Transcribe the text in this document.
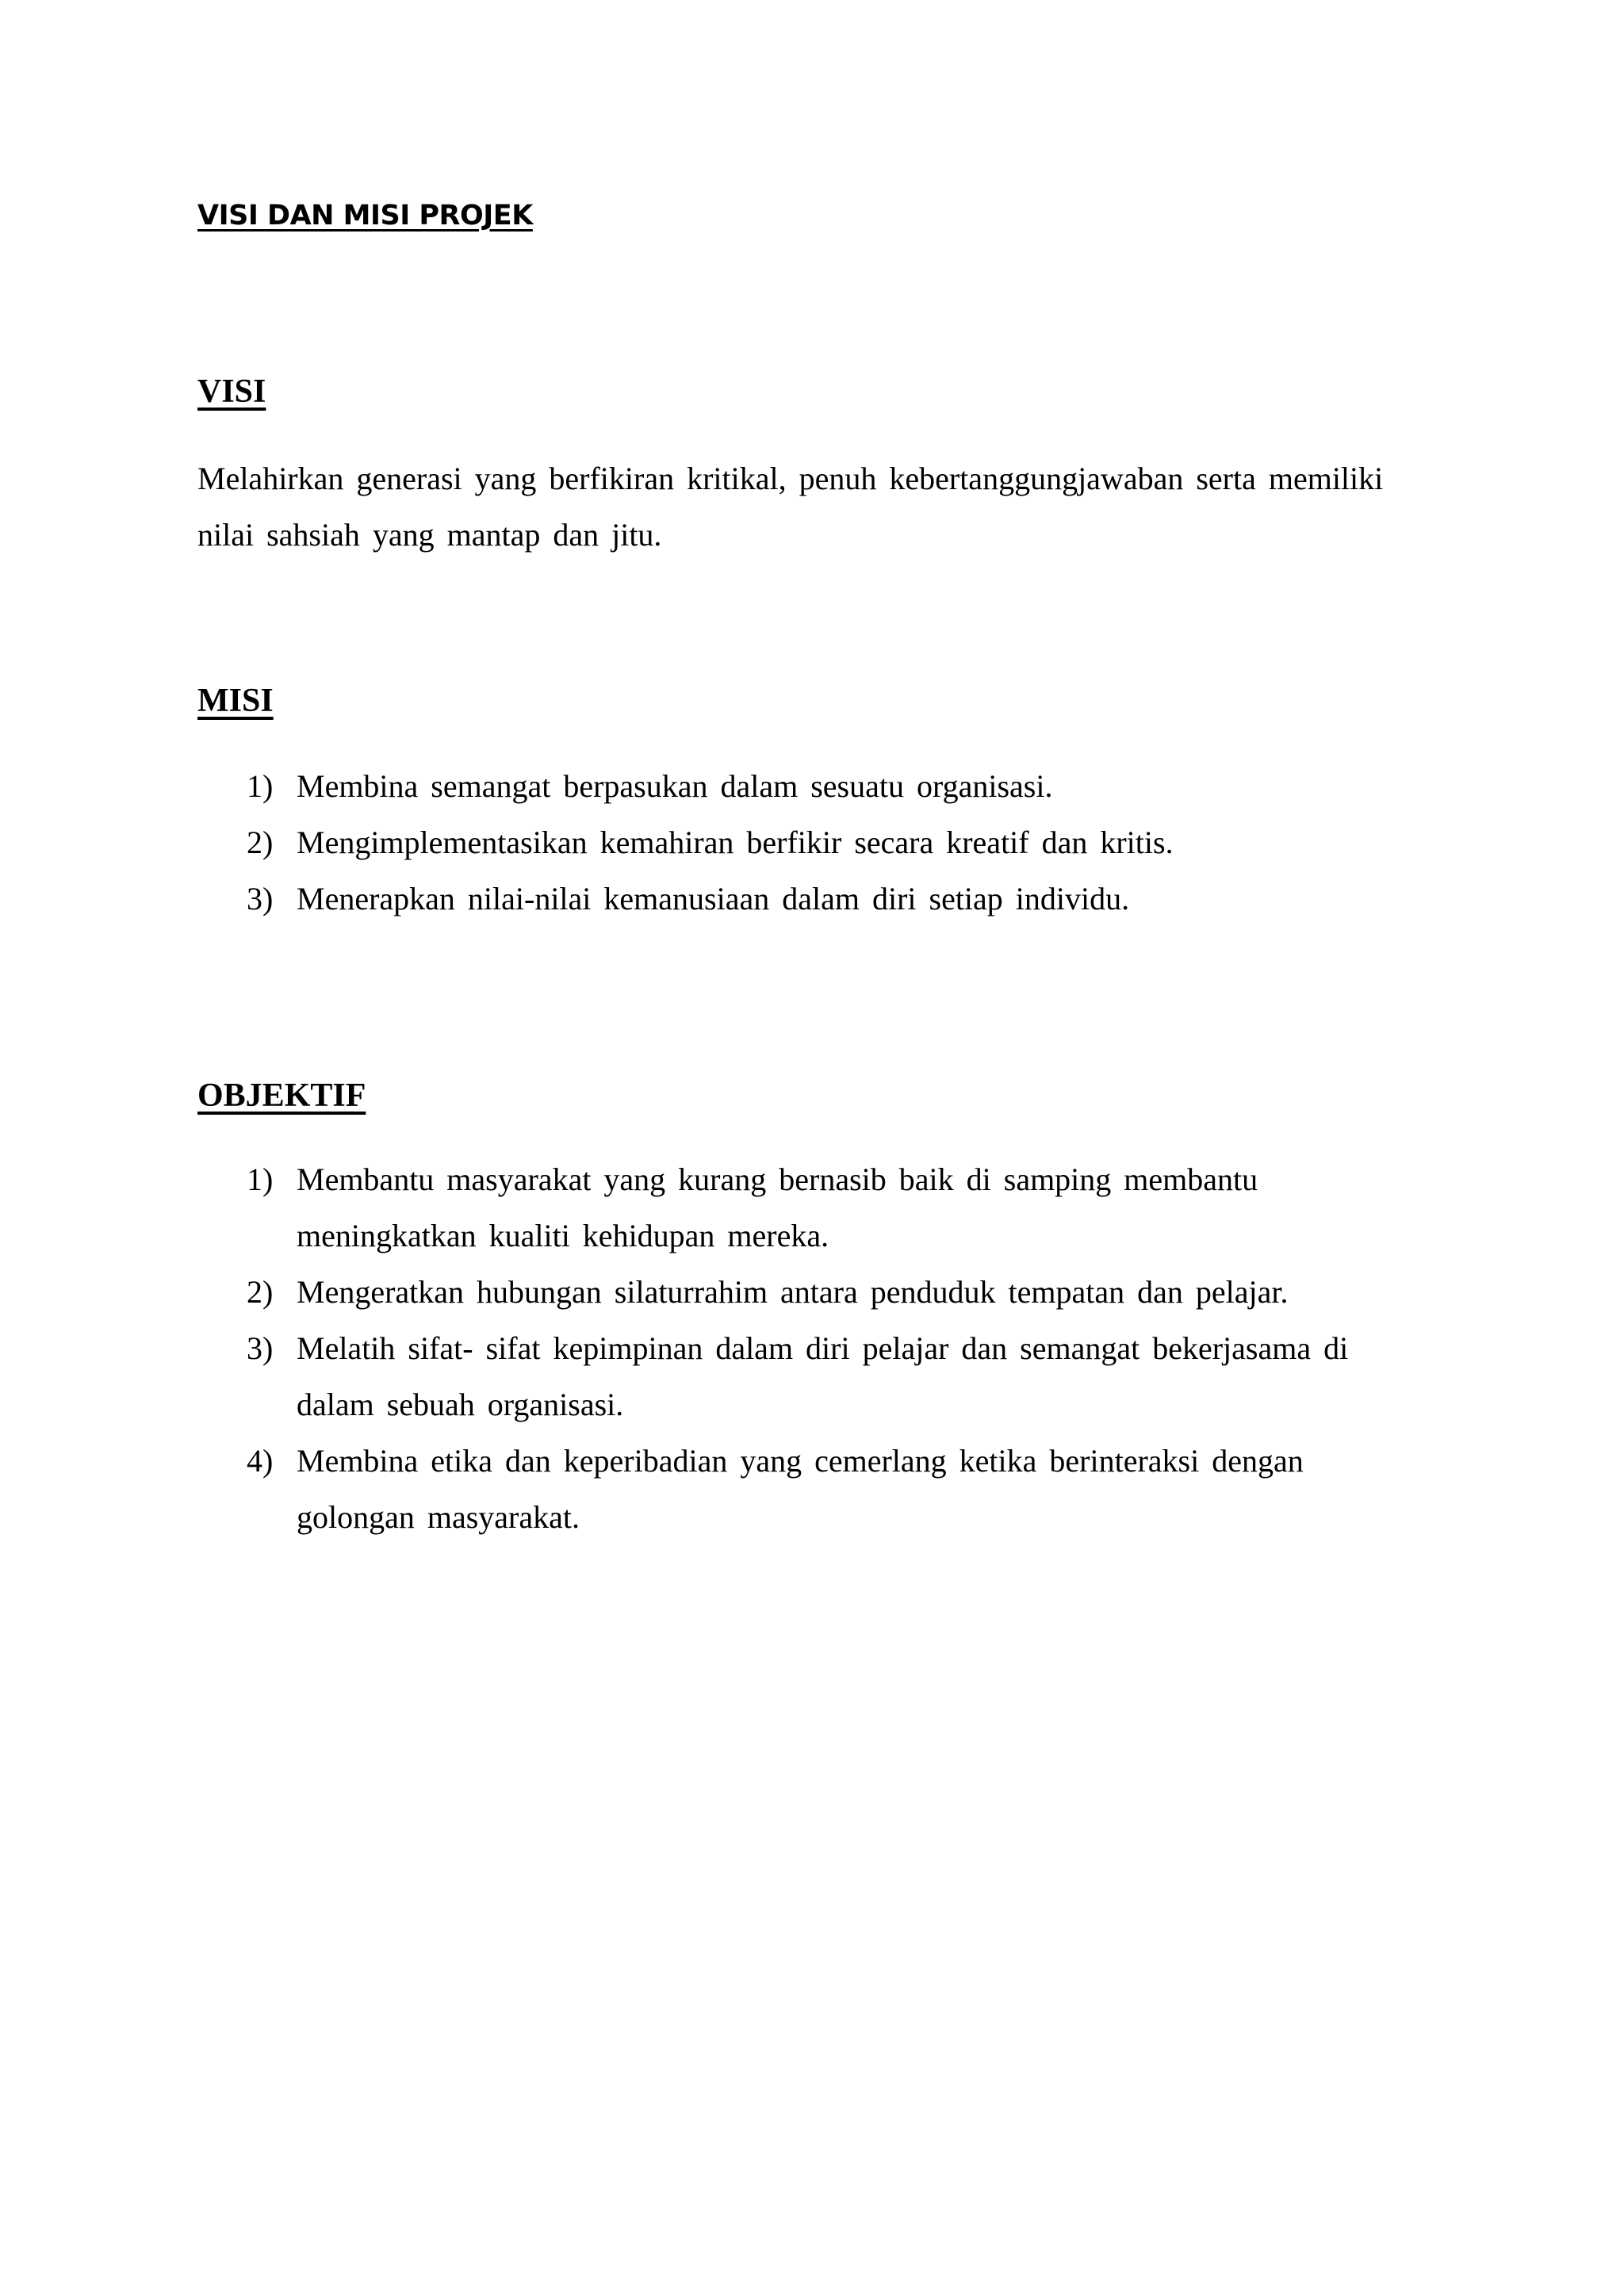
VISI DAN MISI PROJEK
VISI
Melahirkan generasi yang berfikiran kritikal, penuh kebertanggungjawaban serta memiliki nilai sahsiah yang mantap dan jitu.
MISI
1) Membina semangat berpasukan dalam sesuatu organisasi.
2) Mengimplementasikan kemahiran berfikir secara kreatif dan kritis.
3) Menerapkan nilai-nilai kemanusiaan dalam diri setiap individu.
OBJEKTIF
1) Membantu masyarakat yang kurang bernasib baik di samping membantu meningkatkan kualiti kehidupan mereka.
2) Mengeratkan hubungan silaturrahim antara penduduk tempatan dan pelajar.
3) Melatih sifat- sifat kepimpinan dalam diri pelajar dan semangat bekerjasama di dalam sebuah organisasi.
4) Membina etika dan keperibadian yang cemerlang ketika berinteraksi dengan golongan masyarakat.
